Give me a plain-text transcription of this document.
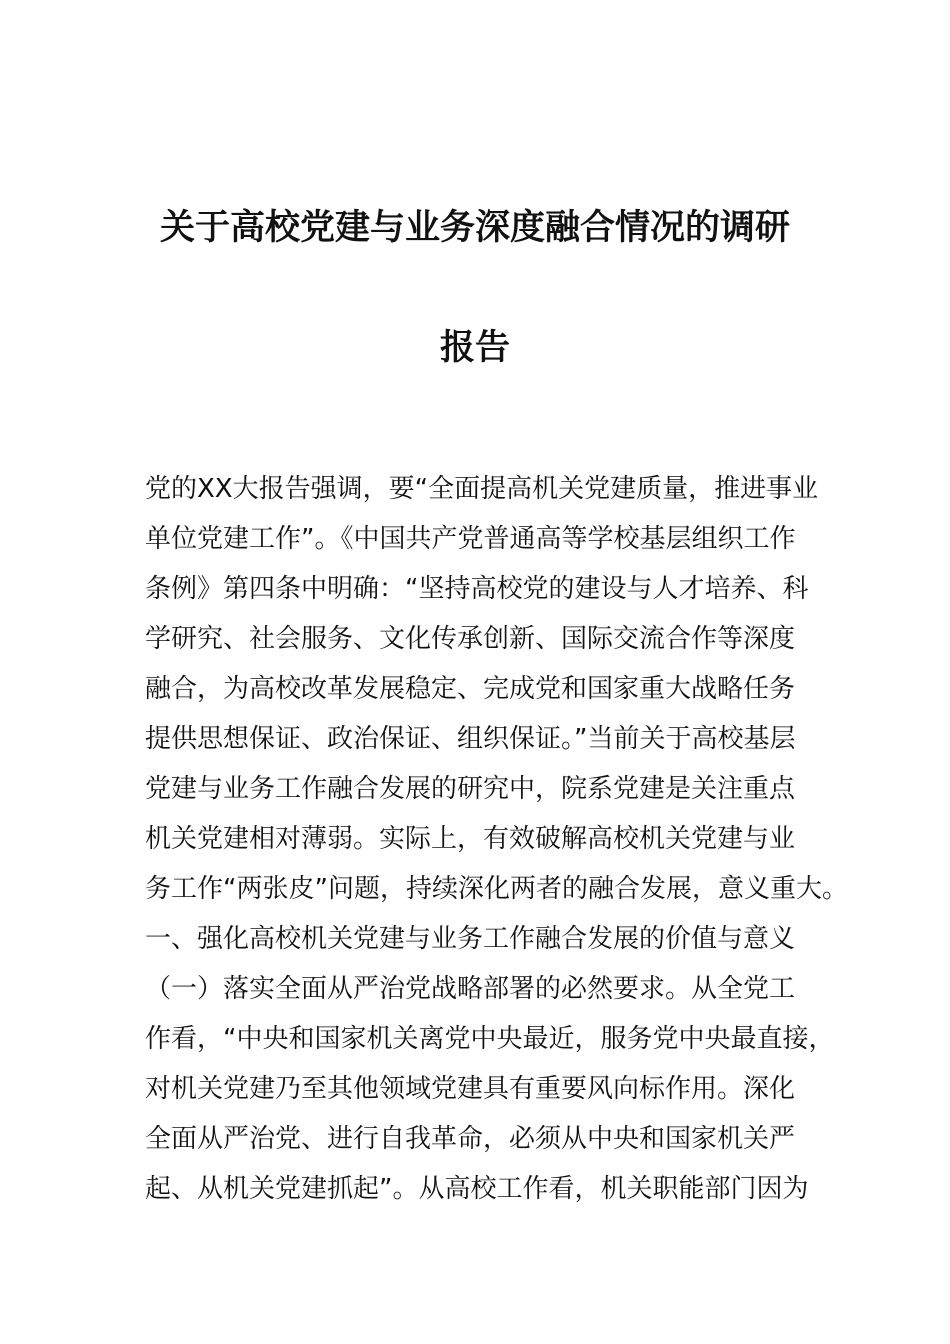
关于高校党建与业务深度融合情况的调研
报告
党的XX大报告强调，要“全面提高机关党建质量，推进事业
单位党建工作”。《中国共产党普通高等学校基层组织工作
条例》第四条中明确：“坚持高校党的建设与人才培养、科
学研究、社会服务、文化传承创新、国际交流合作等深度
融合，为高校改革发展稳定、完成党和国家重大战略任务
提供思想保证、政治保证、组织保证。”当前关于高校基层
党建与业务工作融合发展的研究中，院系党建是关注重点
机关党建相对薄弱。实际上，有效破解高校机关党建与业
务工作“两张皮”问题，持续深化两者的融合发展，意义重大。
一、强化高校机关党建与业务工作融合发展的价值与意义
（一）落实全面从严治党战略部署的必然要求。从全党工
作看，“中央和国家机关离党中央最近，服务党中央最直接，
对机关党建乃至其他领域党建具有重要风向标作用。深化
全面从严治党、进行自我革命，必须从中央和国家机关严
起、从机关党建抓起”。从高校工作看，机关职能部门因为
